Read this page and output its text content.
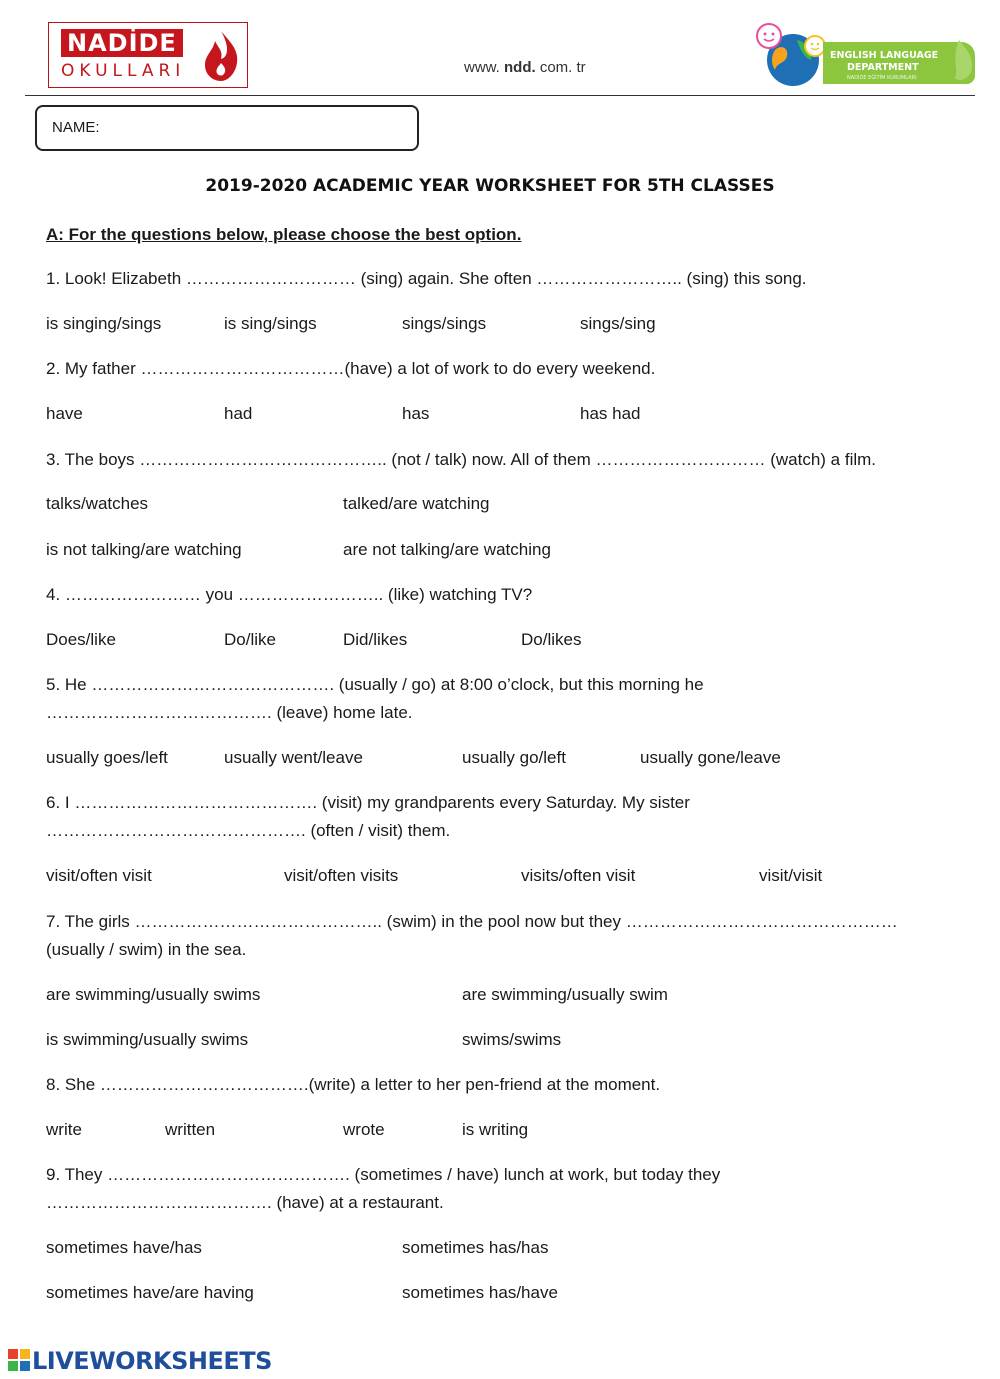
NADİDE
OKULLARI	www. ndd. com. tr
ENGLISH LANGUAGE
DEPARTMENT
NADİDE EĞİTİM KURUMLARI
NAME:
2019-2020 ACADEMIC YEAR WORKSHEET FOR 5TH CLASSES
A: For the questions below, please choose the best option.
1. Look! Elizabeth ………………………… (sing) again. She often …………………….. (sing) this song.
is singing/sings	is sing/sings	sings/sings	sings/sing
2. My father ………………………………(have) a lot of work to do every weekend.
have	had	has	has had
3. The boys …………………………………….. (not / talk) now. All of them ………………………… (watch) a film.
talks/watches	talked/are watching
is not talking/are watching	are not talking/are watching
4. …………………… you …………………….. (like) watching TV?
Does/like	Do/like	Did/likes	Do/likes
5. He ……………………………………. (usually / go) at 8:00 o’clock, but this morning he …………………………………. (leave) home late.
usually goes/left	usually went/leave	usually go/left	usually gone/leave
6. I ……………………………………. (visit) my grandparents every Saturday. My sister ………………………………………. (often / visit) them.
visit/often visit	visit/often visits	visits/often visit	visit/visit
7. The girls …………………………………….. (swim) in the pool now but they ………………………………………… (usually / swim) in the sea.
are swimming/usually swims	are swimming/usually swim
is swimming/usually swims	swims/swims
8. She ……………………………….(write) a letter to her pen-friend at the moment.
write	written	wrote	is writing
9. They ……………………………………. (sometimes / have) lunch at work, but today they …………………………………. (have) at a restaurant.
sometimes have/has	sometimes has/has
sometimes have/are having	sometimes has/have
LIVEWORKSHEETS
